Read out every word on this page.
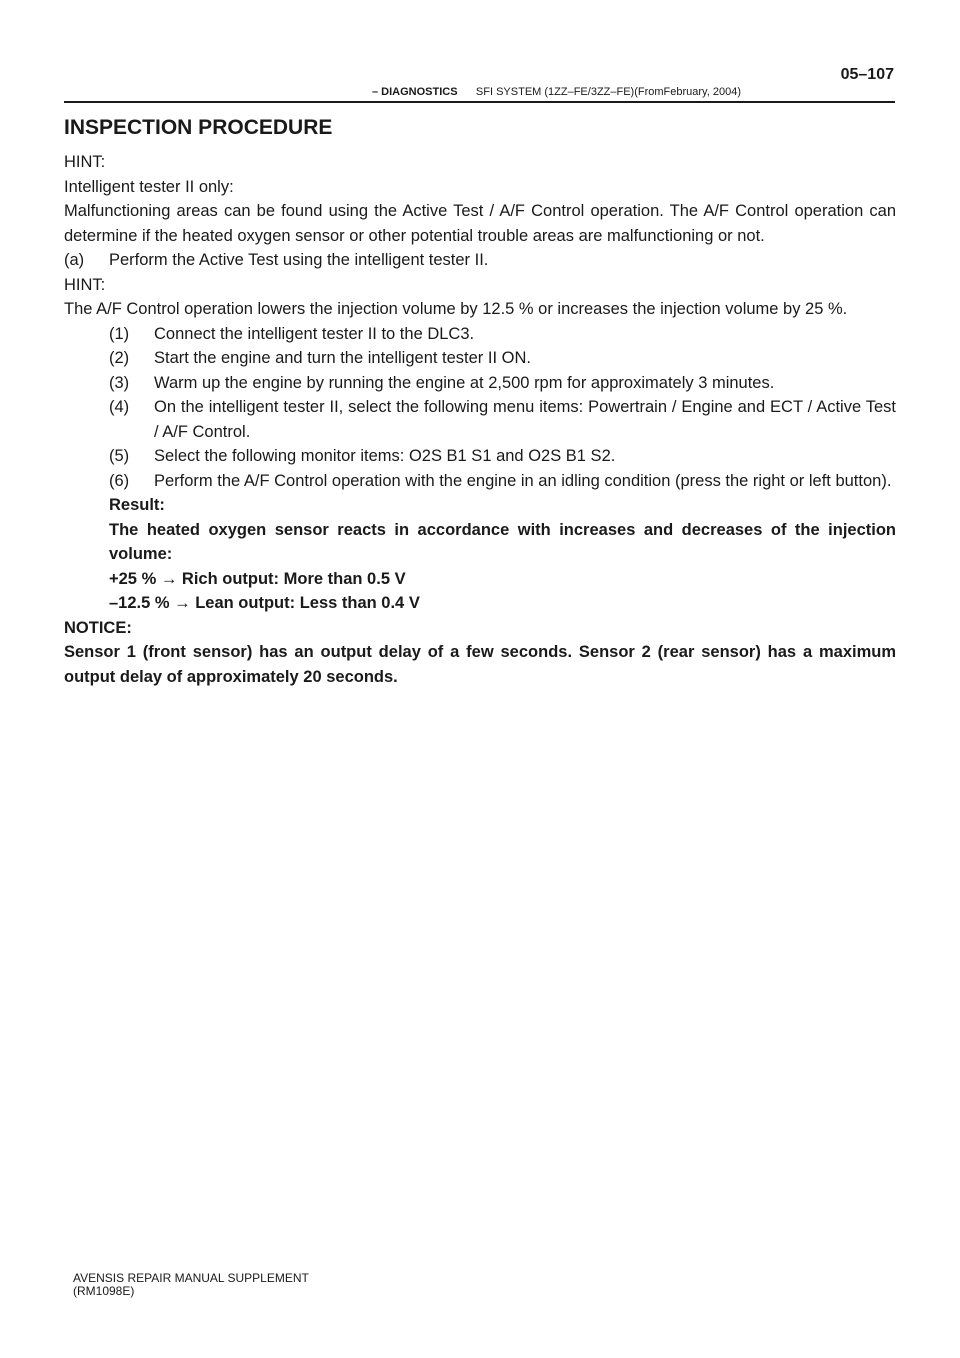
05–107
– DIAGNOSTICS SFI SYSTEM (1ZZ–FE/3ZZ–FE)(FromFebruary, 2004)
INSPECTION PROCEDURE

HINT:

Intelligent tester II only:

Malfunctioning areas can be found using the Active Test / A/F Control operation. The A/F Control operation can determine if the heated oxygen sensor or other potential trouble areas are malfunctioning or not.

(a)	Perform the Active Test using the intelligent tester II.

HINT:

The A/F Control operation lowers the injection volume by 12.5 % or increases the injection volume by 25 %.

(1)	Connect the intelligent tester II to the DLC3.
(2)	Start the engine and turn the intelligent tester II ON.
(3)	Warm up the engine by running the engine at 2,500 rpm for approximately 3 minutes.
(4)	On the intelligent tester II, select the following menu items: Powertrain / Engine and ECT / Active Test / A/F Control.
(5)	Select the following monitor items: O2S B1 S1 and O2S B1 S2.
(6)	Perform the A/F Control operation with the engine in an idling condition (press the right or left button).

Result:

The heated oxygen sensor reacts in accordance with increases and decreases of the injection volume:

+25 % → Rich output: More than 0.5 V

–12.5 % → Lean output: Less than 0.4 V

NOTICE:

Sensor 1 (front sensor) has an output delay of a few seconds. Sensor 2 (rear sensor) has a maximum output delay of approximately 20 seconds.

AVENSIS REPAIR MANUAL SUPPLEMENT
(RM1098E)
